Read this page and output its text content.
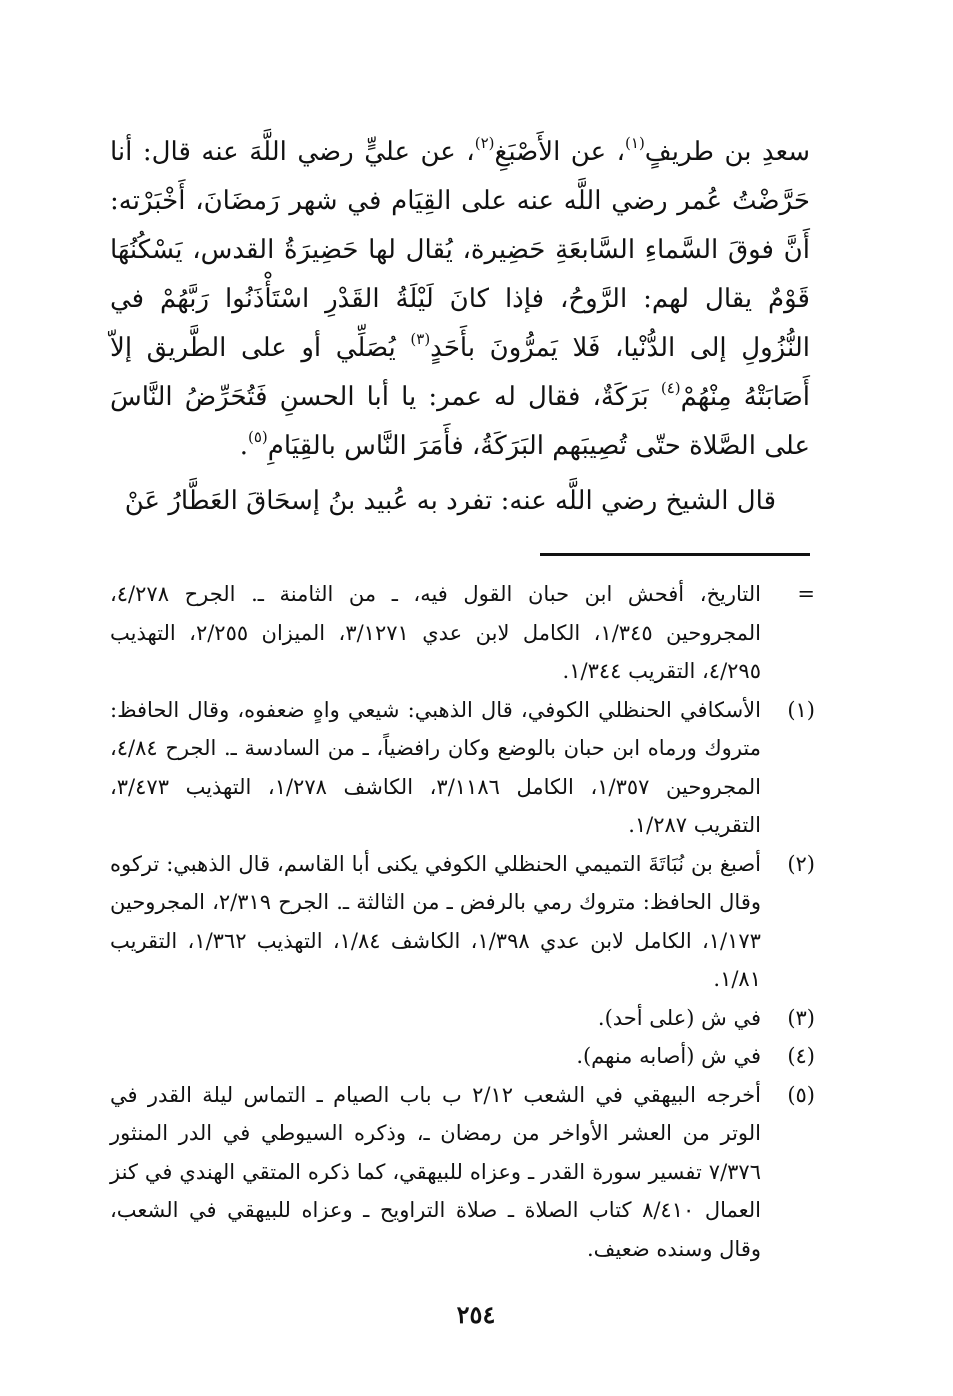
سعدِ بن طريفٍ$^{(١)}$، عن الأَصْبَغِ$^{(٢)}$، عن عليٍّ رضي اللَّهَ عنه قال: أنا حَرَّضْتُ عُمر رضي اللَّه عنه على القِيَام في شهر رَمضَانَ، أَخْبَرْته: أَنَّ فوقَ السَّماءِ السَّابعَةِ حَضِيرة، يُقال لها حَضِيرَةُ القدس، يَسْكُنُهَا قَوْمٌ يقال لهم: الرَّوحُ، فإذا كانَ لَيْلَةُ القَدْرِ اسْتَأْذَنُوا رَبَّهُمْ في النُّزُولِ إلى الدُّنْيا، فَلا يَمرُّونَ بأَحَدٍ$^{(٣)}$ يُصَلِّي أو على الطَّريق إلاّ أَصَابَتْهُ مِنْهُمْ$^{(٤)}$ بَرَكَةٌ، فقال له عمر: يا أبا الحسنِ فَتُحَرِّضُ النَّاسَ على الصَّلاة حتّى تُصِيبَهم البَرَكَةُ، فأَمَرَ النَّاس بالقِيَامِ$^{(٥)}$.

قال الشيخ رضي اللَّه عنه: تفرد به عُبيد بنُ إسحَاقَ العَطَّارُ عَنْ

=
التاريخ، أفحش ابن حبان القول فيه، ـ من الثامنة ـ. الجرح ٤/٢٧٨، المجروحين ١/٣٤٥، الكامل لابن عدي ٣/١٢٧١، الميزان ٢/٢٥٥، التهذيب ٤/٢٩٥، التقريب ١/٣٤٤.
(١)
الأسكافي الحنظلي الكوفي، قال الذهبي: شيعي واهٍ ضعفوه، وقال الحافظ: متروك ورماه ابن حبان بالوضع وكان رافضياً، ـ من السادسة ـ. الجرح ٤/٨٤، المجروحين ١/٣٥٧، الكامل ٣/١١٨٦، الكاشف ١/٢٧٨، التهذيب ٣/٤٧٣، التقريب ١/٢٨٧.
(٢)
أصبغ بن نُبَاتَةَ التميمي الحنظلي الكوفي يكنى أبا القاسم، قال الذهبي: تركوه وقال الحافظ: متروك رمي بالرفض ـ من الثالثة ـ. الجرح ٢/٣١٩، المجروحين ١/١٧٣، الكامل لابن عدي ١/٣٩٨، الكاشف ١/٨٤، التهذيب ١/٣٦٢، التقريب ١/٨١.
(٣)
في ش (على أحد).
(٤)
في ش (أصابه منهم).
(٥)
أخرجه البيهقي في الشعب ٢/١٢ ب باب الصيام ـ التماس ليلة القدر في الوتر من العشر الأواخر من رمضان ـ، وذكره السيوطي في الدر المنثور ٧/٣٧٦ تفسير سورة القدر ـ وعزاه للبيهقي، كما ذكره المتقي الهندي في كنز العمال ٨/٤١٠ كتاب الصلاة ـ صلاة التراويح ـ وعزاه للبيهقي في الشعب، وقال وسنده ضعيف.
٢٥٤
